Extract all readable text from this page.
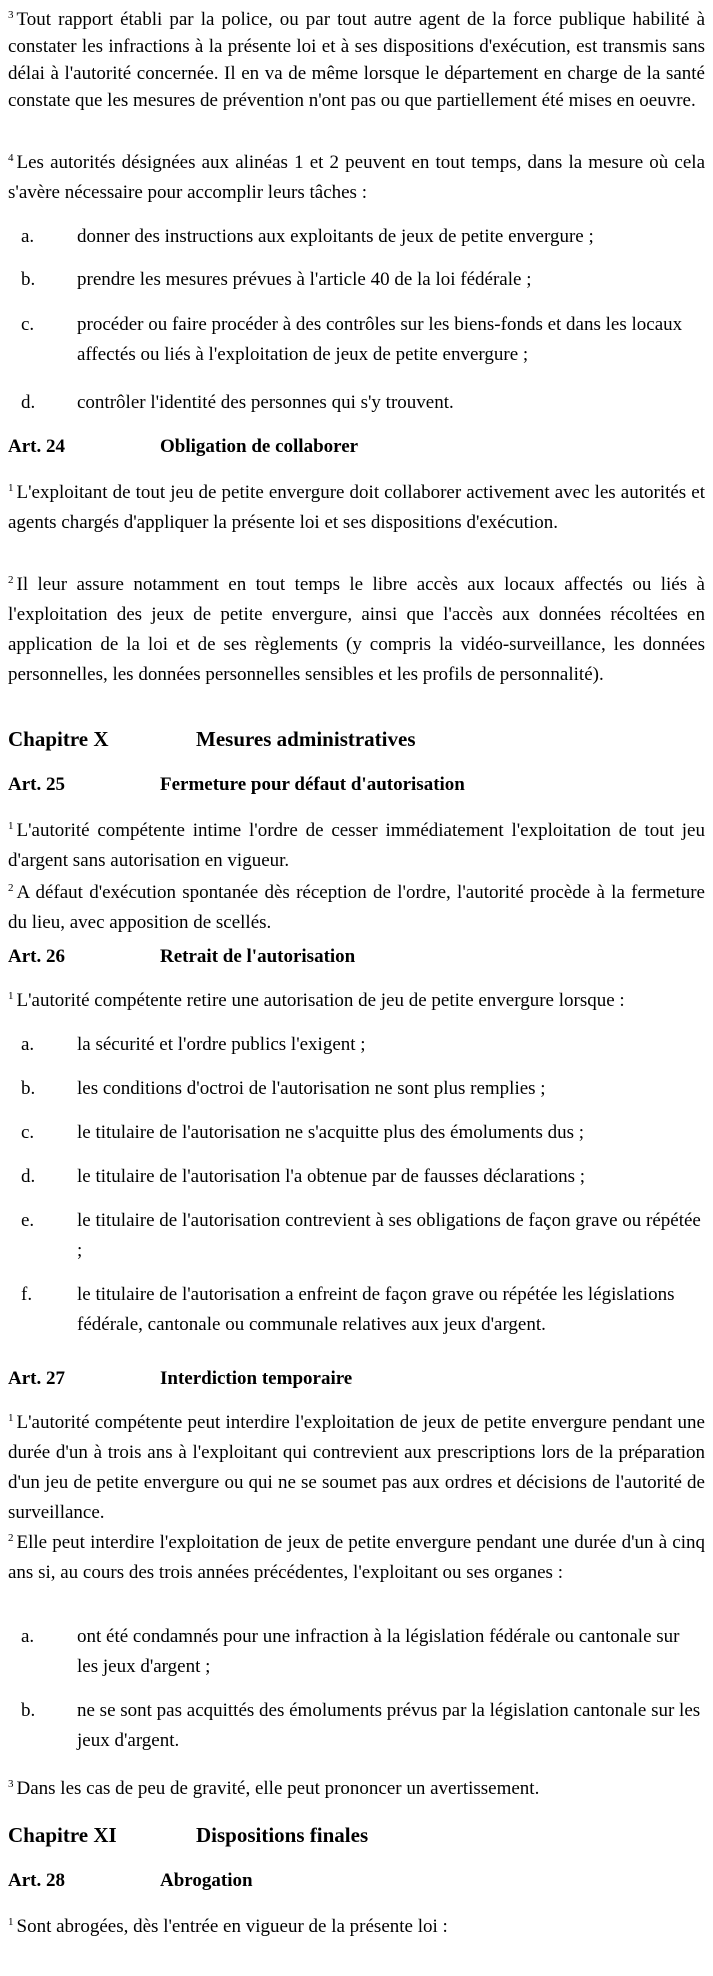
$^3$ Tout rapport établi par la police, ou par tout autre agent de la force publique habilité à constater les infractions à la présente loi et à ses dispositions d'exécution, est transmis sans délai à l'autorité concernée. Il en va de même lorsque le département en charge de la santé constate que les mesures de prévention n'ont pas ou que partiellement été mises en oeuvre.

$^4$ Les autorités désignées aux alinéas 1 et 2 peuvent en tout temps, dans la mesure où cela s'avère nécessaire pour accomplir leurs tâches :

a. donner des instructions aux exploitants de jeux de petite envergure ;
b. prendre les mesures prévues à l'article 40 de la loi fédérale ;
c. procéder ou faire procéder à des contrôles sur les biens-fonds et dans les locaux affectés ou liés à l'exploitation de jeux de petite envergure ;
d. contrôler l'identité des personnes qui s'y trouvent.
Art. 24	Obligation de collaborer

$^1$ L'exploitant de tout jeu de petite envergure doit collaborer activement avec les autorités et agents chargés d'appliquer la présente loi et ses dispositions d'exécution.

$^2$ Il leur assure notamment en tout temps le libre accès aux locaux affectés ou liés à l'exploitation des jeux de petite envergure, ainsi que l'accès aux données récoltées en application de la loi et de ses règlements (y compris la vidéo-surveillance, les données personnelles, les données personnelles sensibles et les profils de personnalité).

Chapitre X	Mesures administratives
Art. 25	Fermeture pour défaut d'autorisation

$^1$ L'autorité compétente intime l'ordre de cesser immédiatement l'exploitation de tout jeu d'argent sans autorisation en vigueur.

$^2$ A défaut d'exécution spontanée dès réception de l'ordre, l'autorité procède à la fermeture du lieu, avec apposition de scellés.

Art. 26	Retrait de l'autorisation

$^1$ L'autorité compétente retire une autorisation de jeu de petite envergure lorsque :

a. la sécurité et l'ordre publics l'exigent ;
b. les conditions d'octroi de l'autorisation ne sont plus remplies ;
c. le titulaire de l'autorisation ne s'acquitte plus des émoluments dus ;
d. le titulaire de l'autorisation l'a obtenue par de fausses déclarations ;
e. le titulaire de l'autorisation contrevient à ses obligations de façon grave ou répétée ;
f. le titulaire de l'autorisation a enfreint de façon grave ou répétée les législations fédérale, cantonale ou communale relatives aux jeux d'argent.
Art. 27	Interdiction temporaire

$^1$ L'autorité compétente peut interdire l'exploitation de jeux de petite envergure pendant une durée d'un à trois ans à l'exploitant qui contrevient aux prescriptions lors de la préparation d'un jeu de petite envergure ou qui ne se soumet pas aux ordres et décisions de l'autorité de surveillance.

$^2$ Elle peut interdire l'exploitation de jeux de petite envergure pendant une durée d'un à cinq ans si, au cours des trois années précédentes, l'exploitant ou ses organes :

a. ont été condamnés pour une infraction à la législation fédérale ou cantonale sur les jeux d'argent ;
b. ne se sont pas acquittés des émoluments prévus par la législation cantonale sur les jeux d'argent.

$^3$ Dans les cas de peu de gravité, elle peut prononcer un avertissement.

Chapitre XI	Dispositions finales
Art. 28	Abrogation

$^1$ Sont abrogées, dès l'entrée en vigueur de la présente loi :
